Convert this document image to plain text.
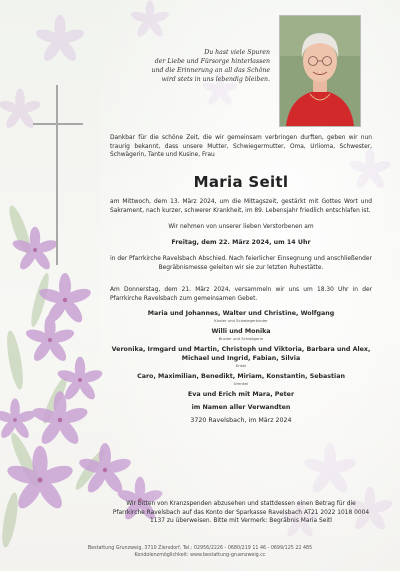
Du hast viele Spuren
der Liebe und Fürsorge hinterlassen
und die Erinnerung an all das Schöne
wird stets in uns lebendig bleiben.
Dankbar für die schöne Zeit, die wir gemeinsam verbringen durften, geben wir nun traurig bekannt, dass unsere Mutter, Schwiegermutter, Oma, Urlioma, Schwester, Schwägerin, Tante und Kusine, Frau
Maria Seitl
am Mittwoch, dem 13. März 2024, um die Mittagszeit, gestärkt mit Gottes Wort und Sakrament, nach kurzer, schwerer Krankheit, im 89. Lebensjahr friedlich entschlafen ist.
Wir nehmen von unserer lieben Verstorbenen am
Freitag, dem 22. März 2024, um 14 Uhr
in der Pfarrkirche Ravelsbach Abschied. Nach feierlicher Einsegnung und anschließender Begräbnismesse geleiten wir sie zur letzten Ruhestätte.
Am Donnerstag, dem 21. März 2024, versammeln wir uns um 18.30 Uhr in der Pfarrkirche Ravelsbach zum gemeinsamen Gebet.
Maria und Johannes, Walter und Christine, Wolfgang
Kinder und Schwiegerkinder
Willi und Monika
Bruder und Schwägerin
Veronika, Irmgard und Martin, Christoph und Viktoria, Barbara und Alex, Michael und Ingrid, Fabian, Silvia
Enkel
Caro, Maximilian, Benedikt, Miriam, Konstantin, Sebastian
Urenkel
Eva und Erich mit Mara, Peter
im Namen aller Verwandten
3720 Ravelsbach, im März 2024
Wir bitten von Kranzspenden abzusehen und stattdessen einen Betrag für die Pfarrkirche Ravelsbach auf das Konto der Sparkasse Ravelsbach AT21 2022 1018 0004 1137 zu überweisen. Bitte mit Vermerk: Begräbnis Maria Seitl
Bestattung Grunzweig, 3710 Ziersdorf, Tel.: 02956/2226 - 0680/219 11 46 - 0699/125 22 485
Kondolenzmöglichkeit: www.bestattung-gruenzweig.cc
